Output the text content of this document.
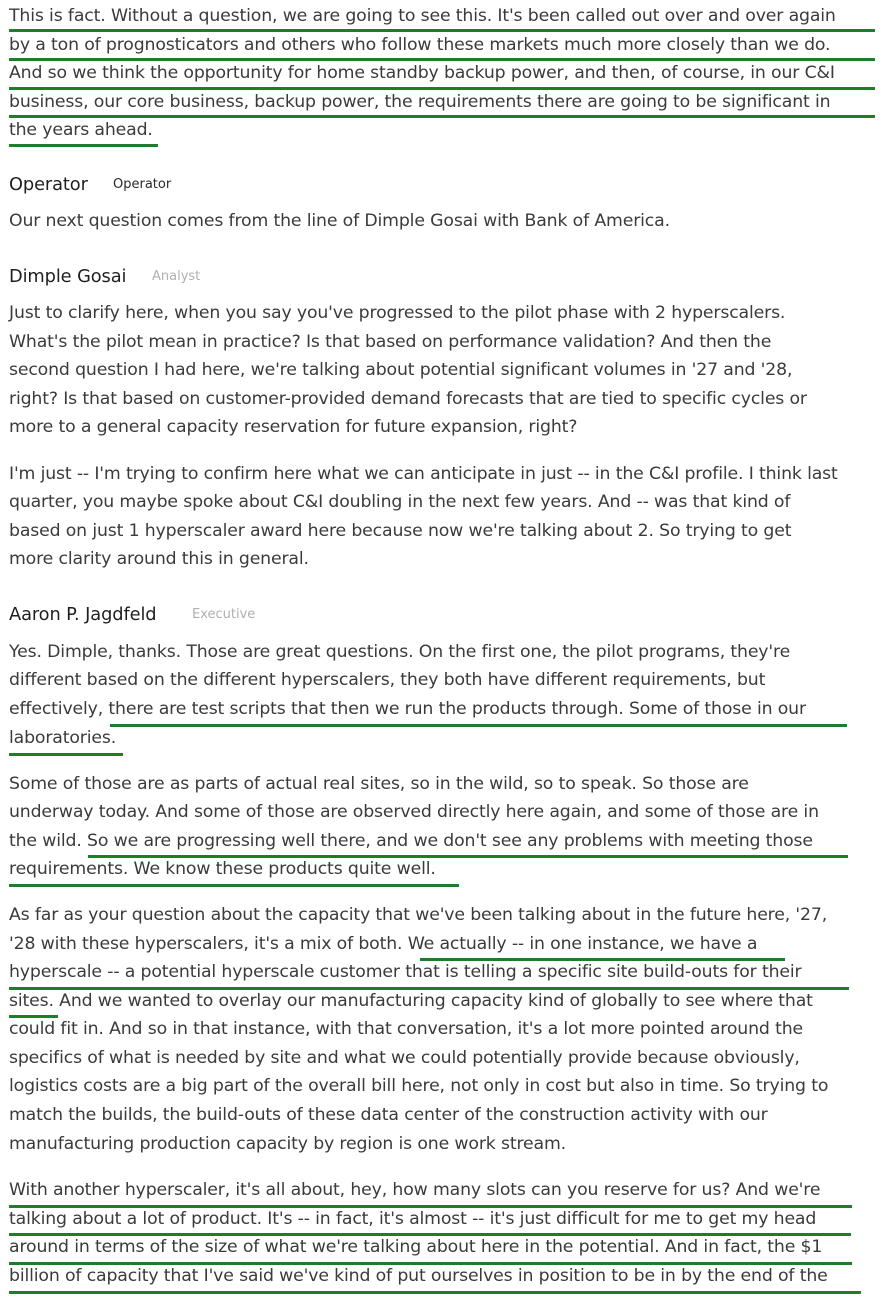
This is fact. Without a question, we are going to see this. It's been called out over and over again
by a ton of prognosticators and others who follow these markets much more closely than we do.
And so we think the opportunity for home standby backup power, and then, of course, in our C&I
business, our core business, backup power, the requirements there are going to be significant in
the years ahead.
Operator Operator
Our next question comes from the line of Dimple Gosai with Bank of America.
Dimple Gosai Analyst
Just to clarify here, when you say you've progressed to the pilot phase with 2 hyperscalers.
What's the pilot mean in practice? Is that based on performance validation? And then the
second question I had here, we're talking about potential significant volumes in '27 and '28,
right? Is that based on customer-provided demand forecasts that are tied to specific cycles or
more to a general capacity reservation for future expansion, right?
I'm just -- I'm trying to confirm here what we can anticipate in just -- in the C&I profile. I think last
quarter, you maybe spoke about C&I doubling in the next few years. And -- was that kind of
based on just 1 hyperscaler award here because now we're talking about 2. So trying to get
more clarity around this in general.
Aaron P. Jagdfeld	Executive
Yes. Dimple, thanks. Those are great questions. On the first one, the pilot programs, they're
different based on the different hyperscalers, they both have different requirements, but
effectively, there are test scripts that then we run the products through. Some of those in our
laboratories.
Some of those are as parts of actual real sites, so in the wild, so to speak. So those are
underway today. And some of those are observed directly here again, and some of those are in
the wild. So we are progressing well there, and we don't see any problems with meeting those
requirements. We know these products quite well.
As far as your question about the capacity that we've been talking about in the future here, '27,
'28 with these hyperscalers, it's a mix of both. We actually -- in one instance, we have a
hyperscale -- a potential hyperscale customer that is telling a specific site build-outs for their
sites. And we wanted to overlay our manufacturing capacity kind of globally to see where that
could fit in. And so in that instance, with that conversation, it's a lot more pointed around the
specifics of what is needed by site and what we could potentially provide because obviously,
logistics costs are a big part of the overall bill here, not only in cost but also in time. So trying to
match the builds, the build-outs of these data center of the construction activity with our
manufacturing production capacity by region is one work stream.
With another hyperscaler, it's all about, hey, how many slots can you reserve for us? And we're
talking about a lot of product. It's -- in fact, it's almost -- it's just difficult for me to get my head
around in terms of the size of what we're talking about here in the potential. And in fact, the $1
billion of capacity that I've said we've kind of put ourselves in position to be in by the end of the
